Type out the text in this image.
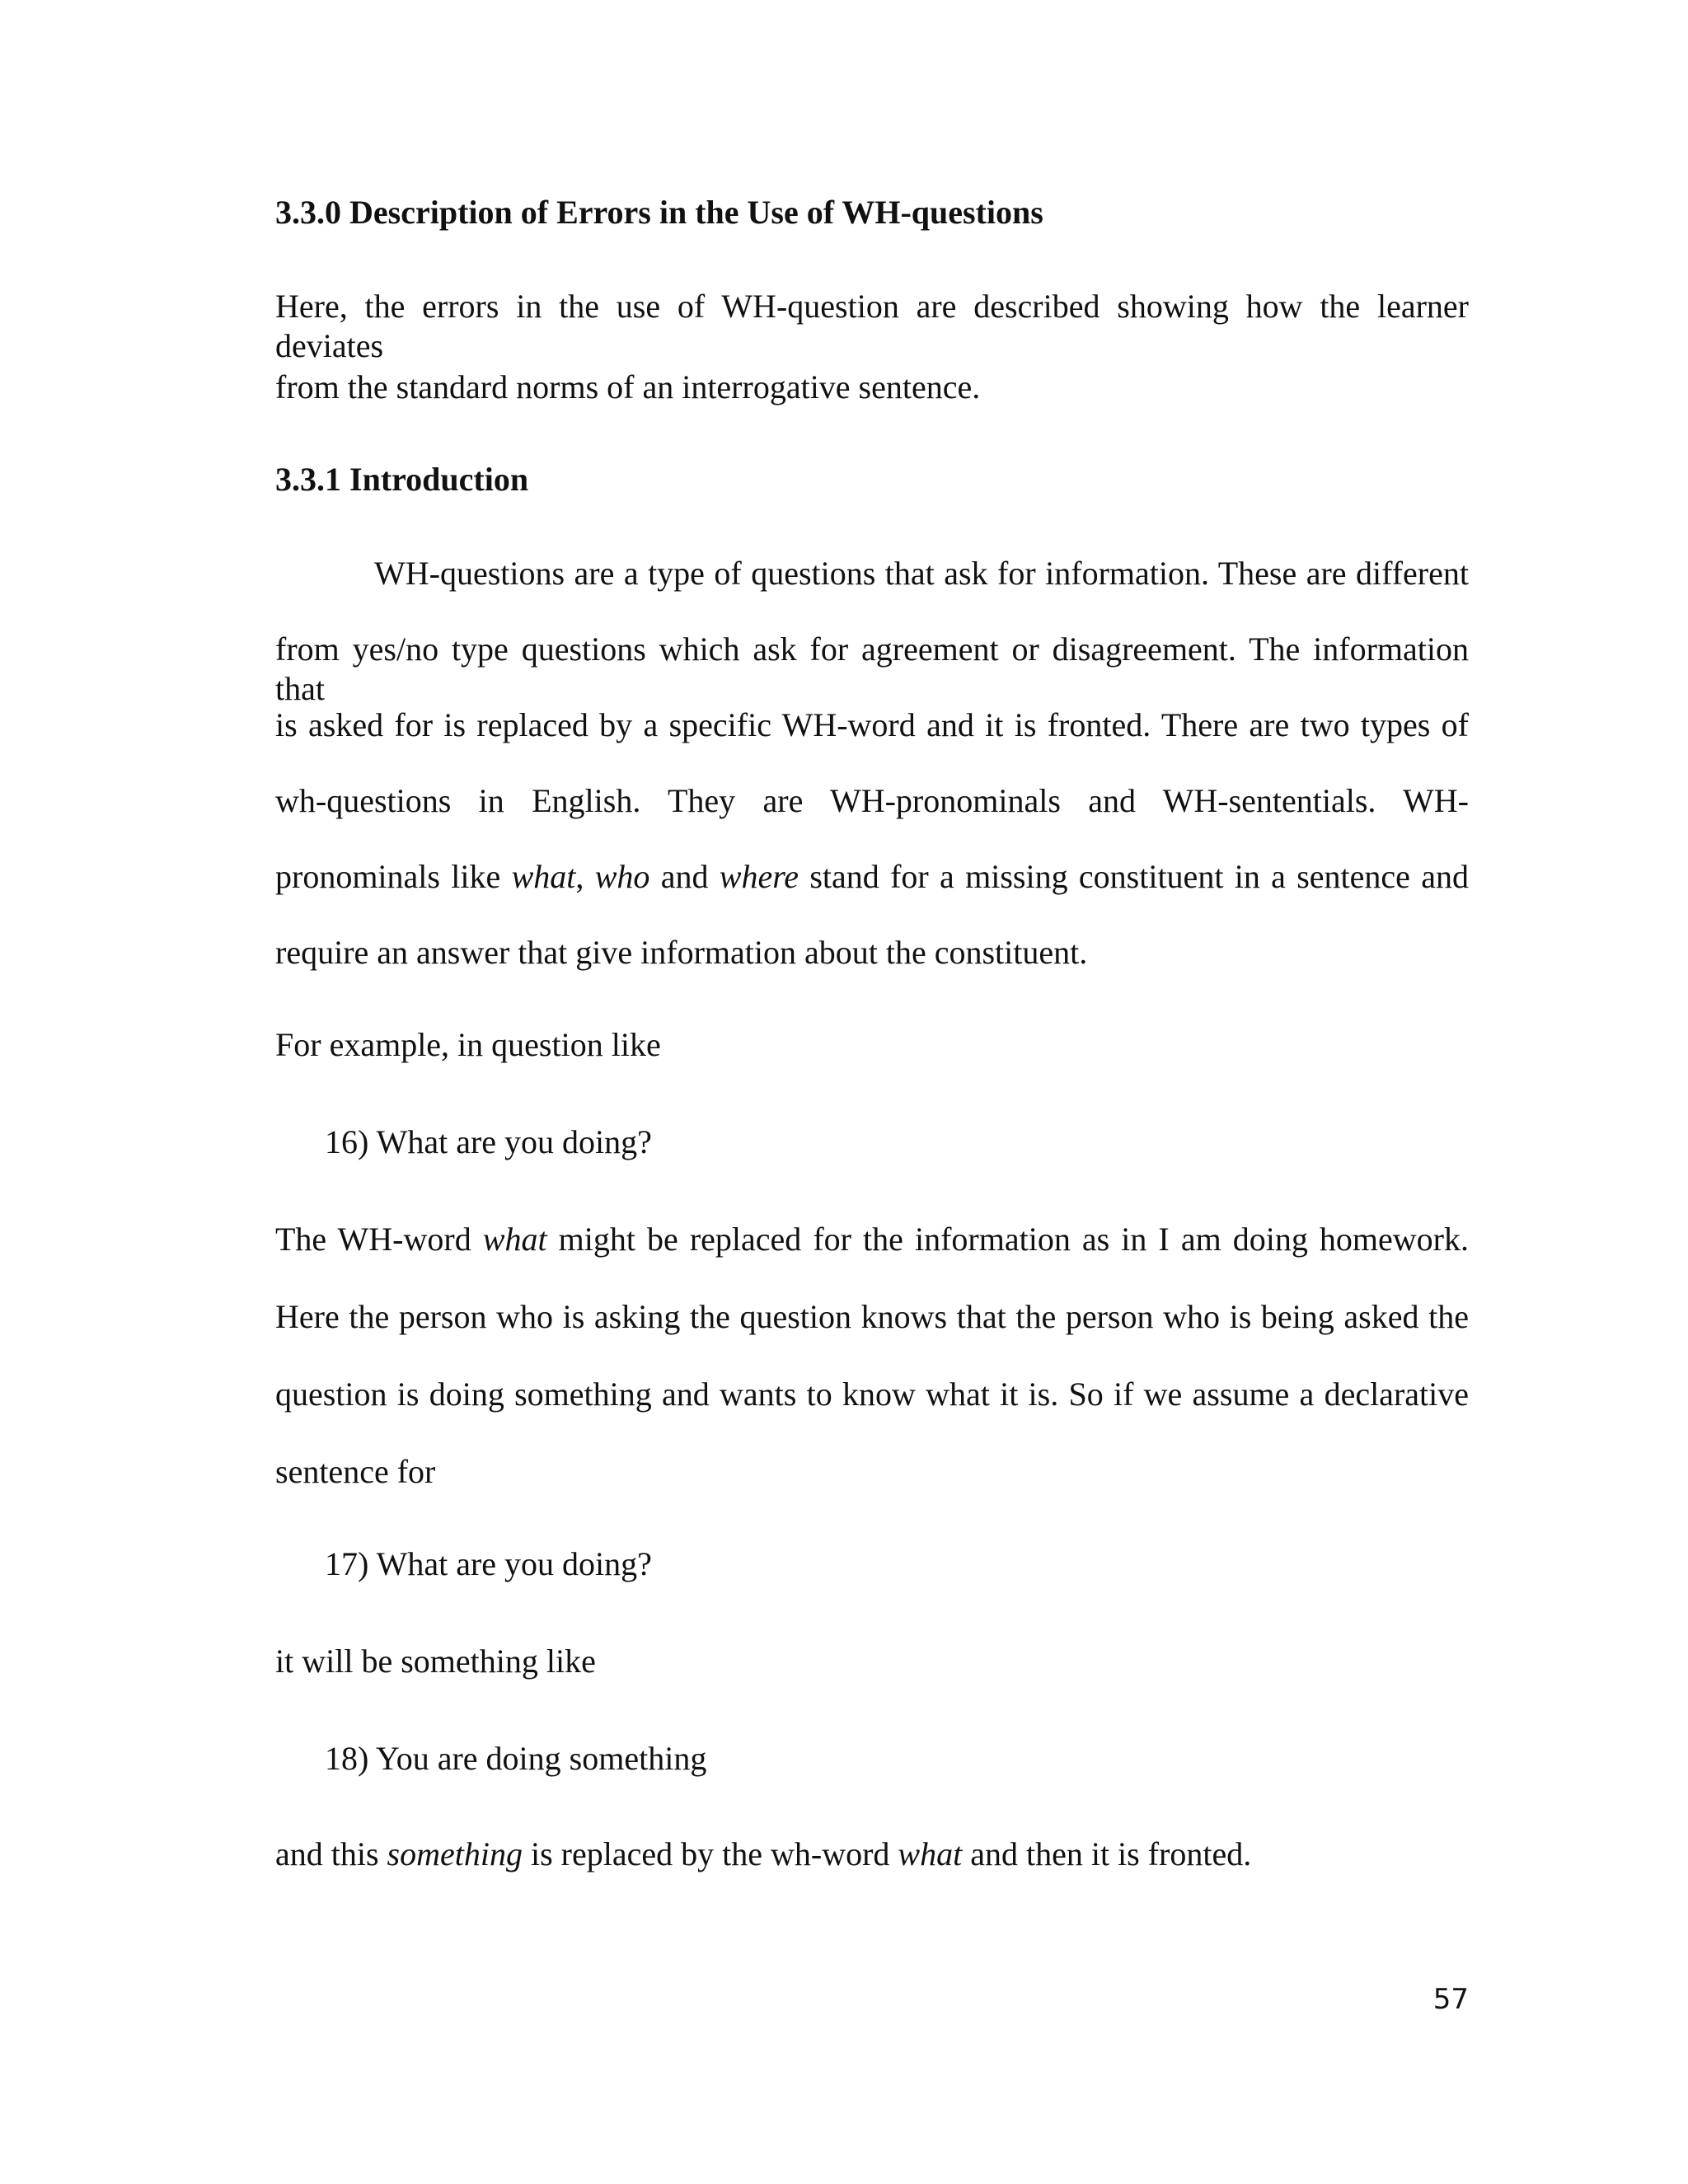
3.3.0 Description of Errors in the Use of WH-questions

Here, the errors in the use of WH-question are described showing how the learner deviates

from the standard norms of an interrogative sentence.

3.3.1 Introduction

WH-questions are a type of questions that ask for information. These are different

from yes/no type questions which ask for agreement or disagreement. The information that

is asked for is replaced by a specific WH-word and it is fronted. There are two types of

wh-questions in English. They are WH-pronominals and WH-sententials. WH-

pronominals like what, who and where stand for a missing constituent in a sentence and

require an answer that give information about the constituent.

For example, in question like

16) What are you doing?

The WH-word what might be replaced for the information as in I am doing homework.

Here the person who is asking the question knows that the person who is being asked the

question is doing something and wants to know what it is. So if we assume a declarative

sentence for

17) What are you doing?

it will be something like

18) You are doing something

and this something is replaced by the wh-word what and then it is fronted.

57
